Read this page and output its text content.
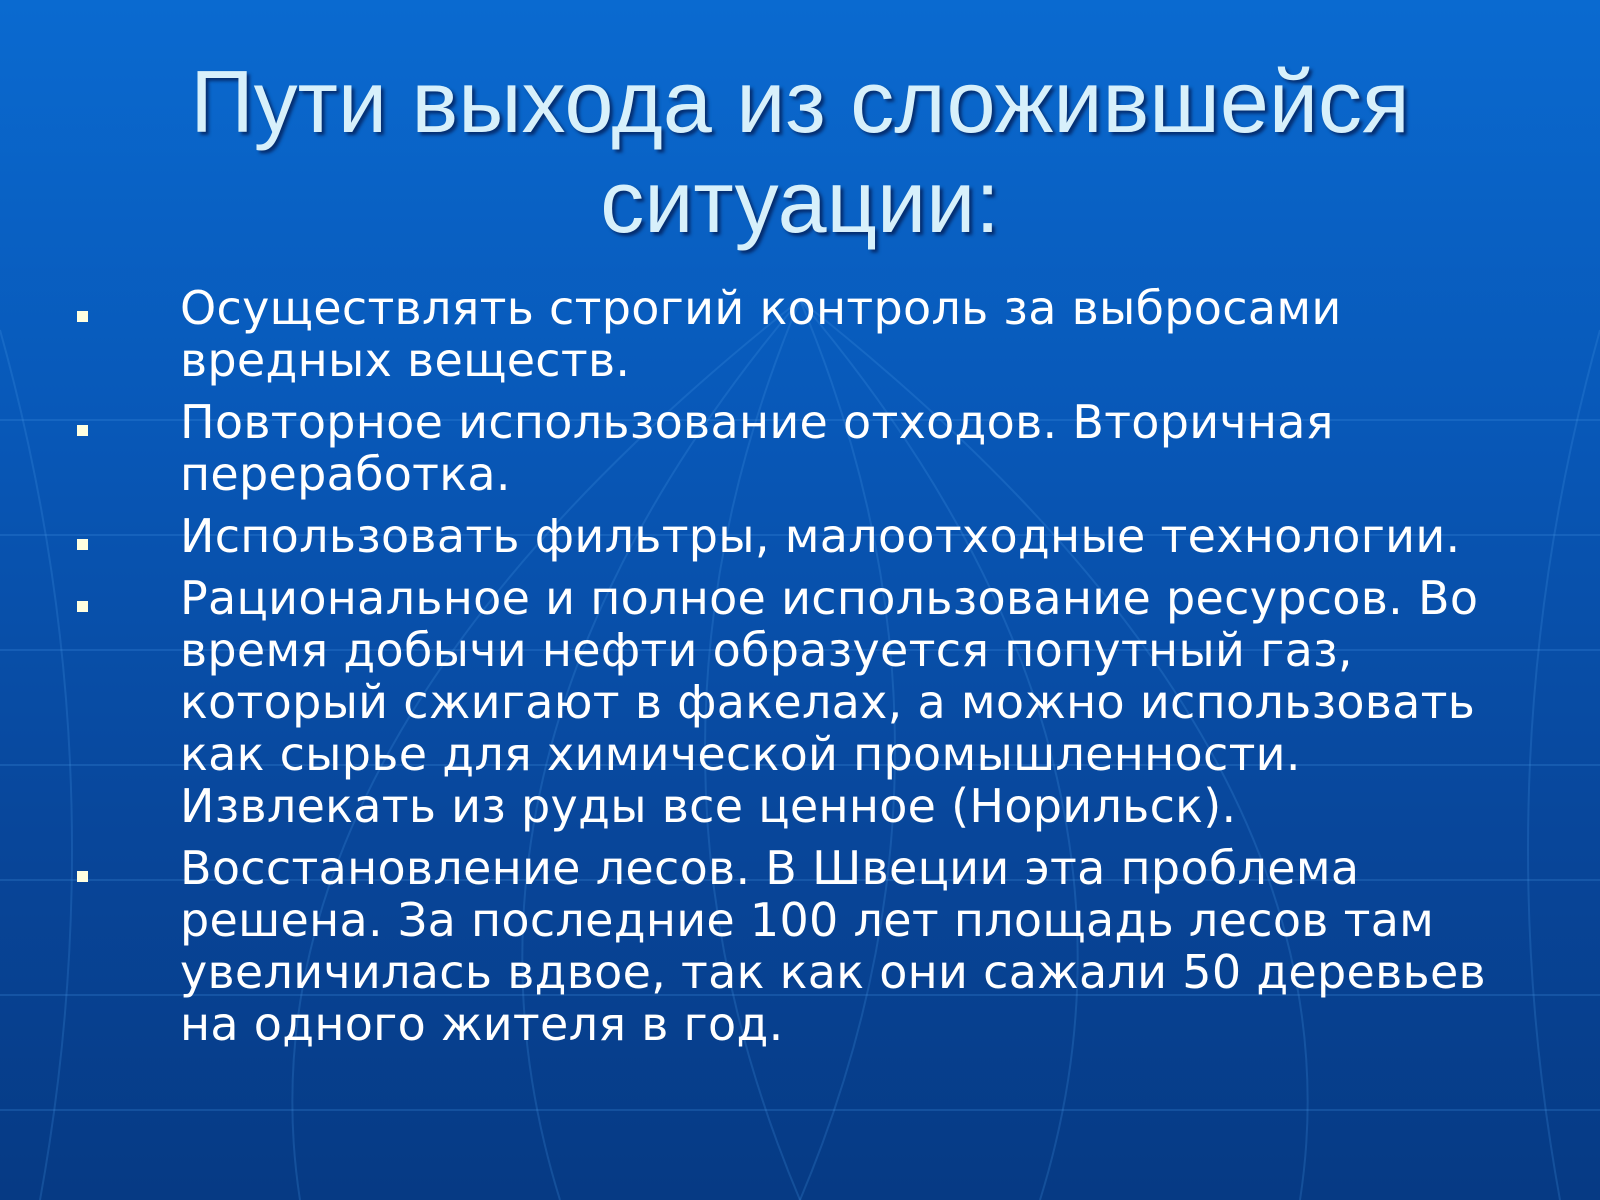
Пути выхода из сложившейся
ситуации:
Осуществлять строгий контроль за выбросами вредных веществ.
Повторное использование отходов. Вторичная переработка.
Использовать фильтры, малоотходные технологии.
Рациональное и полное использование ресурсов. Во время добычи нефти образуется попутный газ, который сжигают в факелах, а можно использовать как сырье для химической промышленности. Извлекать из руды все ценное (Норильск).
Восстановление лесов. В Швеции эта проблема решена. За последние 100 лет площадь лесов там увеличилась вдвое, так как они сажали 50 деревьев на одного жителя в год.
